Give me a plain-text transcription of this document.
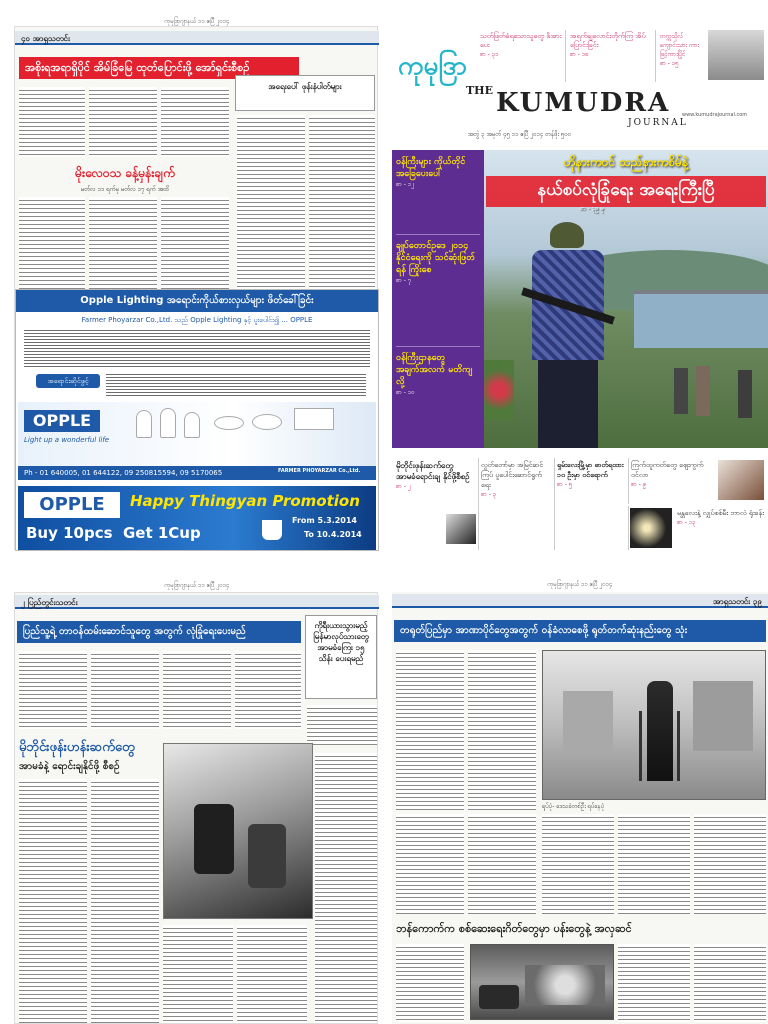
ကုမုဒြာဂျာနယ် ၁၁ ဧပြီ ၂၀၁၄
၄၀ အာရှသတင်း
အစိုးရအရာရှိပိုင် အိမ်ခြံမြေ ထုတ်ပြောင်းဖို့ အော်ရှင်းစီစဉ်
အရေးပေါ် ဖုန်းနံပါတ်များ
မိုးလေဝသ ခန့်မှန်းချက်
မတ်လ ၁၁ ရက်မှ မတ်လ ၁၇ ရက် အထိ
Opple Lighting အရောင်းကိုယ်စားလှယ်များ ဖိတ်ခေါ်ခြင်း
Farmer Phoyarzar Co.,Ltd. သည် Opple Lighting နှင့် ပူးပေါင်း၍ ... OPPLE
အရောင်းဆိုင်ဖွင့်
OPPLE
Light up a wonderful life
Ph - 01 640005, 01 644122, 09 250815594, 09 5170065	FARMER PHOYARZAR Co.,Ltd.
OPPLE	Happy Thingyan Promotion
Buy 10pcs  Get 1Cup
From 5.3.2014
To 10.4.2014
ကုမုဒြာ
THE KUMUDRA
JOURNAL
www.kumudrajournal.com
အတွဲ ၃ အမှတ် ၄၅ ၁၁ ဧပြီ ၂၀၁၄ တန်ဖိုး ၅၀၀
သတ်ဖြတ်ခံရသောသူတွေ ဖိအားပေး
စာ - ၃၁
အရက်ချလောင်းတိုက်ကြ အိပ်ပြောင်းခြင်း
စာ - ၁၈
တက္ကသိုလ်ကျောင်းသား ကားဖြင့်ကားပြိုင်
စာ - ၁၅
ဝန်ကြီးများ ကိုယ်တိုင် အခြေပေးပေါ်
စာ - ၁၂
ချုပ်တောင်ဥ‌ဒေ ၂၀၁၄ နိုင်ငံရေးကို သင်ဆုံးဖြတ်ရန် ကြိုးစေ
စာ - ၇
ဝန်ကြီးဌာနတွေ အချက်အလက် မတိကျလို့
စာ - ၁၀
ဟိုနားက၀င် သည်နားကစိမ်နဲ့
နယ်စပ်လုံခြုံရေး အရေးကြီးပြီ
စာ - ၃၉ မှ
မိုဘိုင်းဖုန်းဆက်တွေ အာမခံရောင်းချ နိုင်ဖို့စီစဉ်
စာ - ၂
လွတ်တော်မှာ အမြင်ဆင်ကြပ် ပူပေါင်းဆောင်ရွက်ရေး
စာ - ၃
ရှမ်းလေးမြို့မှာ ဓာတ်ရထား ၁၀ ဦးမှာ ဝင်ရောက်
စာ - ၅
ကြက်ထူကတ်တွေ ဈေးကွက်ဝင်လာ
စာ - ၉
မန္တလေးနဲ့ လျှပ်စစ်မီး ဘာလဲ ရုံးခန်း
စာ - ၁၃
ကုမုဒြာဂျာနယ် ၁၁ ဧပြီ ၂၀၁၄
၂ ပြည်တွင်းသတင်း
ပြည်သူ့ရဲ့ တာဝန်ထမ်းဆောင်သူတွေ အတွက် လုံခြုံရေးပေးမည်
ကိုရီးယားသွားမည့် မြန်မာလုပ်သားတွေ အာမခံကြေး ၁၅ သိန်း ပေးရမည်
မိုဘိုင်းဖုန်းဟန်းဆက်တွေ
အာမခံနဲ့ ရောင်းချနိုင်ဖို့ စီစဉ်
ကုမုဒြာဂျာနယ် ၁၁ ဧပြီ ၂၀၁၄
အာရှသတင်း ၃၉
တရုတ်ပြည်မှာ အာဏာပိုင်တွေအတွက် ဝန်ခံလာစေဖို့ ရုတ်တက်ဆုံးနည်းတွေ သုံး
ရုပ်ပုံ- ဒေသခံတစ်ဦး ရပ်နေပုံ
ဘန်ကောက်က စစ်ဆေးရေးဂိတ်တွေမှာ ပန်းတွေနဲ့ အလှဆင်
